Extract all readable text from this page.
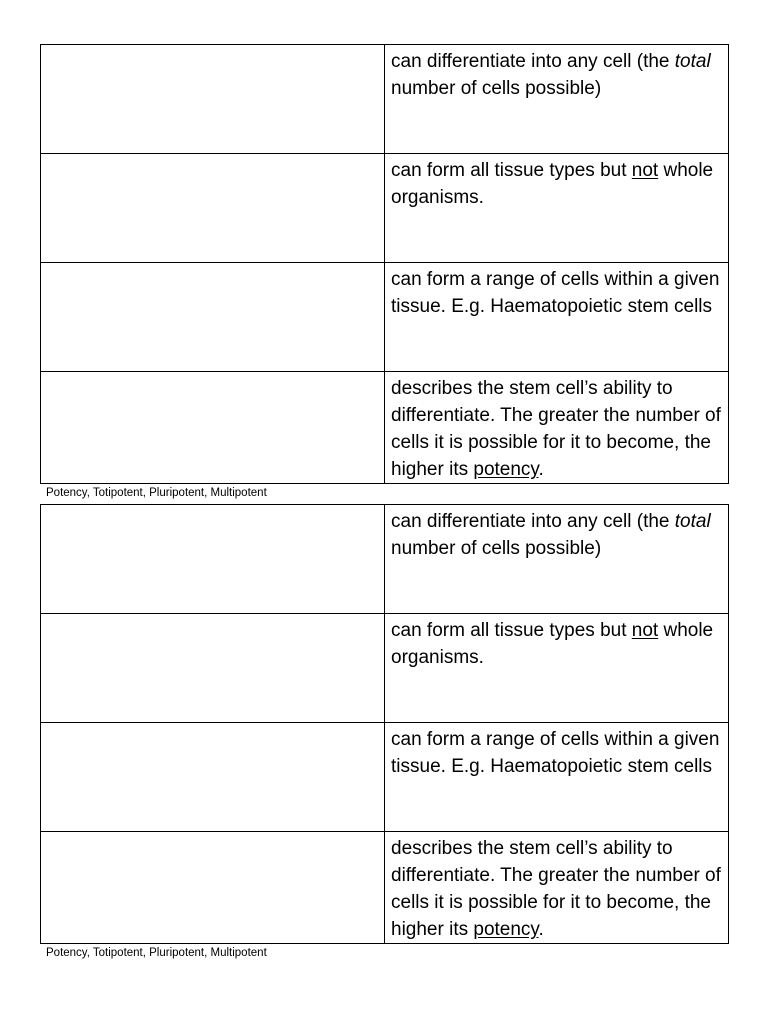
	can differentiate into any cell (the total number of cells possible)
	can form all tissue types but not whole organisms.
	can form a range of cells within a given tissue. E.g. Haematopoietic stem cells
	describes the stem cell’s ability to differentiate. The greater the number of cells it is possible for it to become, the higher its potency.
Potency, Totipotent, Pluripotent, Multipotent
	can differentiate into any cell (the total number of cells possible)
	can form all tissue types but not whole organisms.
	can form a range of cells within a given tissue. E.g. Haematopoietic stem cells
	describes the stem cell’s ability to differentiate. The greater the number of cells it is possible for it to become, the higher its potency.
Potency, Totipotent, Pluripotent, Multipotent
